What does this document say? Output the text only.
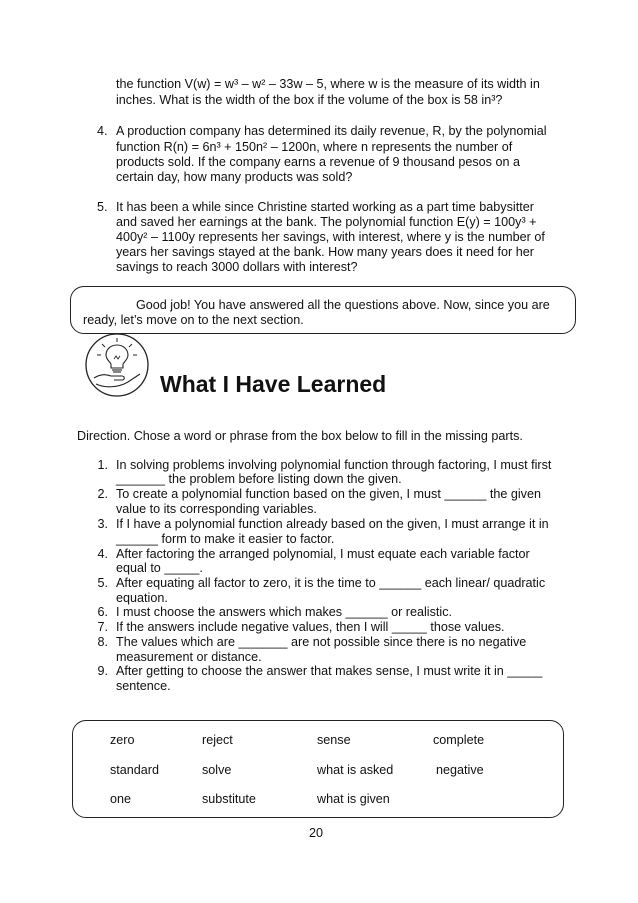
the function V(w) = w³ – w² – 33w – 5, where w is the measure of its width in
inches. What is the width of the box if the volume of the box is 58 in³?
4. A production company has determined its daily revenue, R, by the polynomial
function R(n) = 6n³ + 150n² – 1200n, where n represents the number of
products sold. If the company earns a revenue of 9 thousand pesos on a
certain day, how many products was sold?
5. It has been a while since Christine started working as a part time babysitter
and saved her earnings at the bank. The polynomial function E(y) = 100y³ +
400y² – 1100y represents her savings, with interest, where y is the number of
years her savings stayed at the bank. How many years does it need for her
savings to reach 3000 dollars with interest?
Good job! You have answered all the questions above. Now, since you are
ready, let’s move on to the next section.
What I Have Learned
Direction. Chose a word or phrase from the box below to fill in the missing parts.
1. In solving problems involving polynomial function through factoring, I must first
_______ the problem before listing down the given.
2. To create a polynomial function based on the given, I must ______ the given
value to its corresponding variables.
3. If I have a polynomial function already based on the given, I must arrange it in
______ form to make it easier to factor.
4. After factoring the arranged polynomial, I must equate each variable factor
equal to _____.
5. After equating all factor to zero, it is the time to ______ each linear/ quadratic
equation.
6. I must choose the answers which makes ______ or realistic.
7. If the answers include negative values, then I will _____ those values.
8. The values which are _______ are not possible since there is no negative
measurement or distance.
9. After getting to choose the answer that makes sense, I must write it in _____
sentence.
zero	reject	sense	complete
standard	solve	what is asked	negative
one	substitute	what is given
20
